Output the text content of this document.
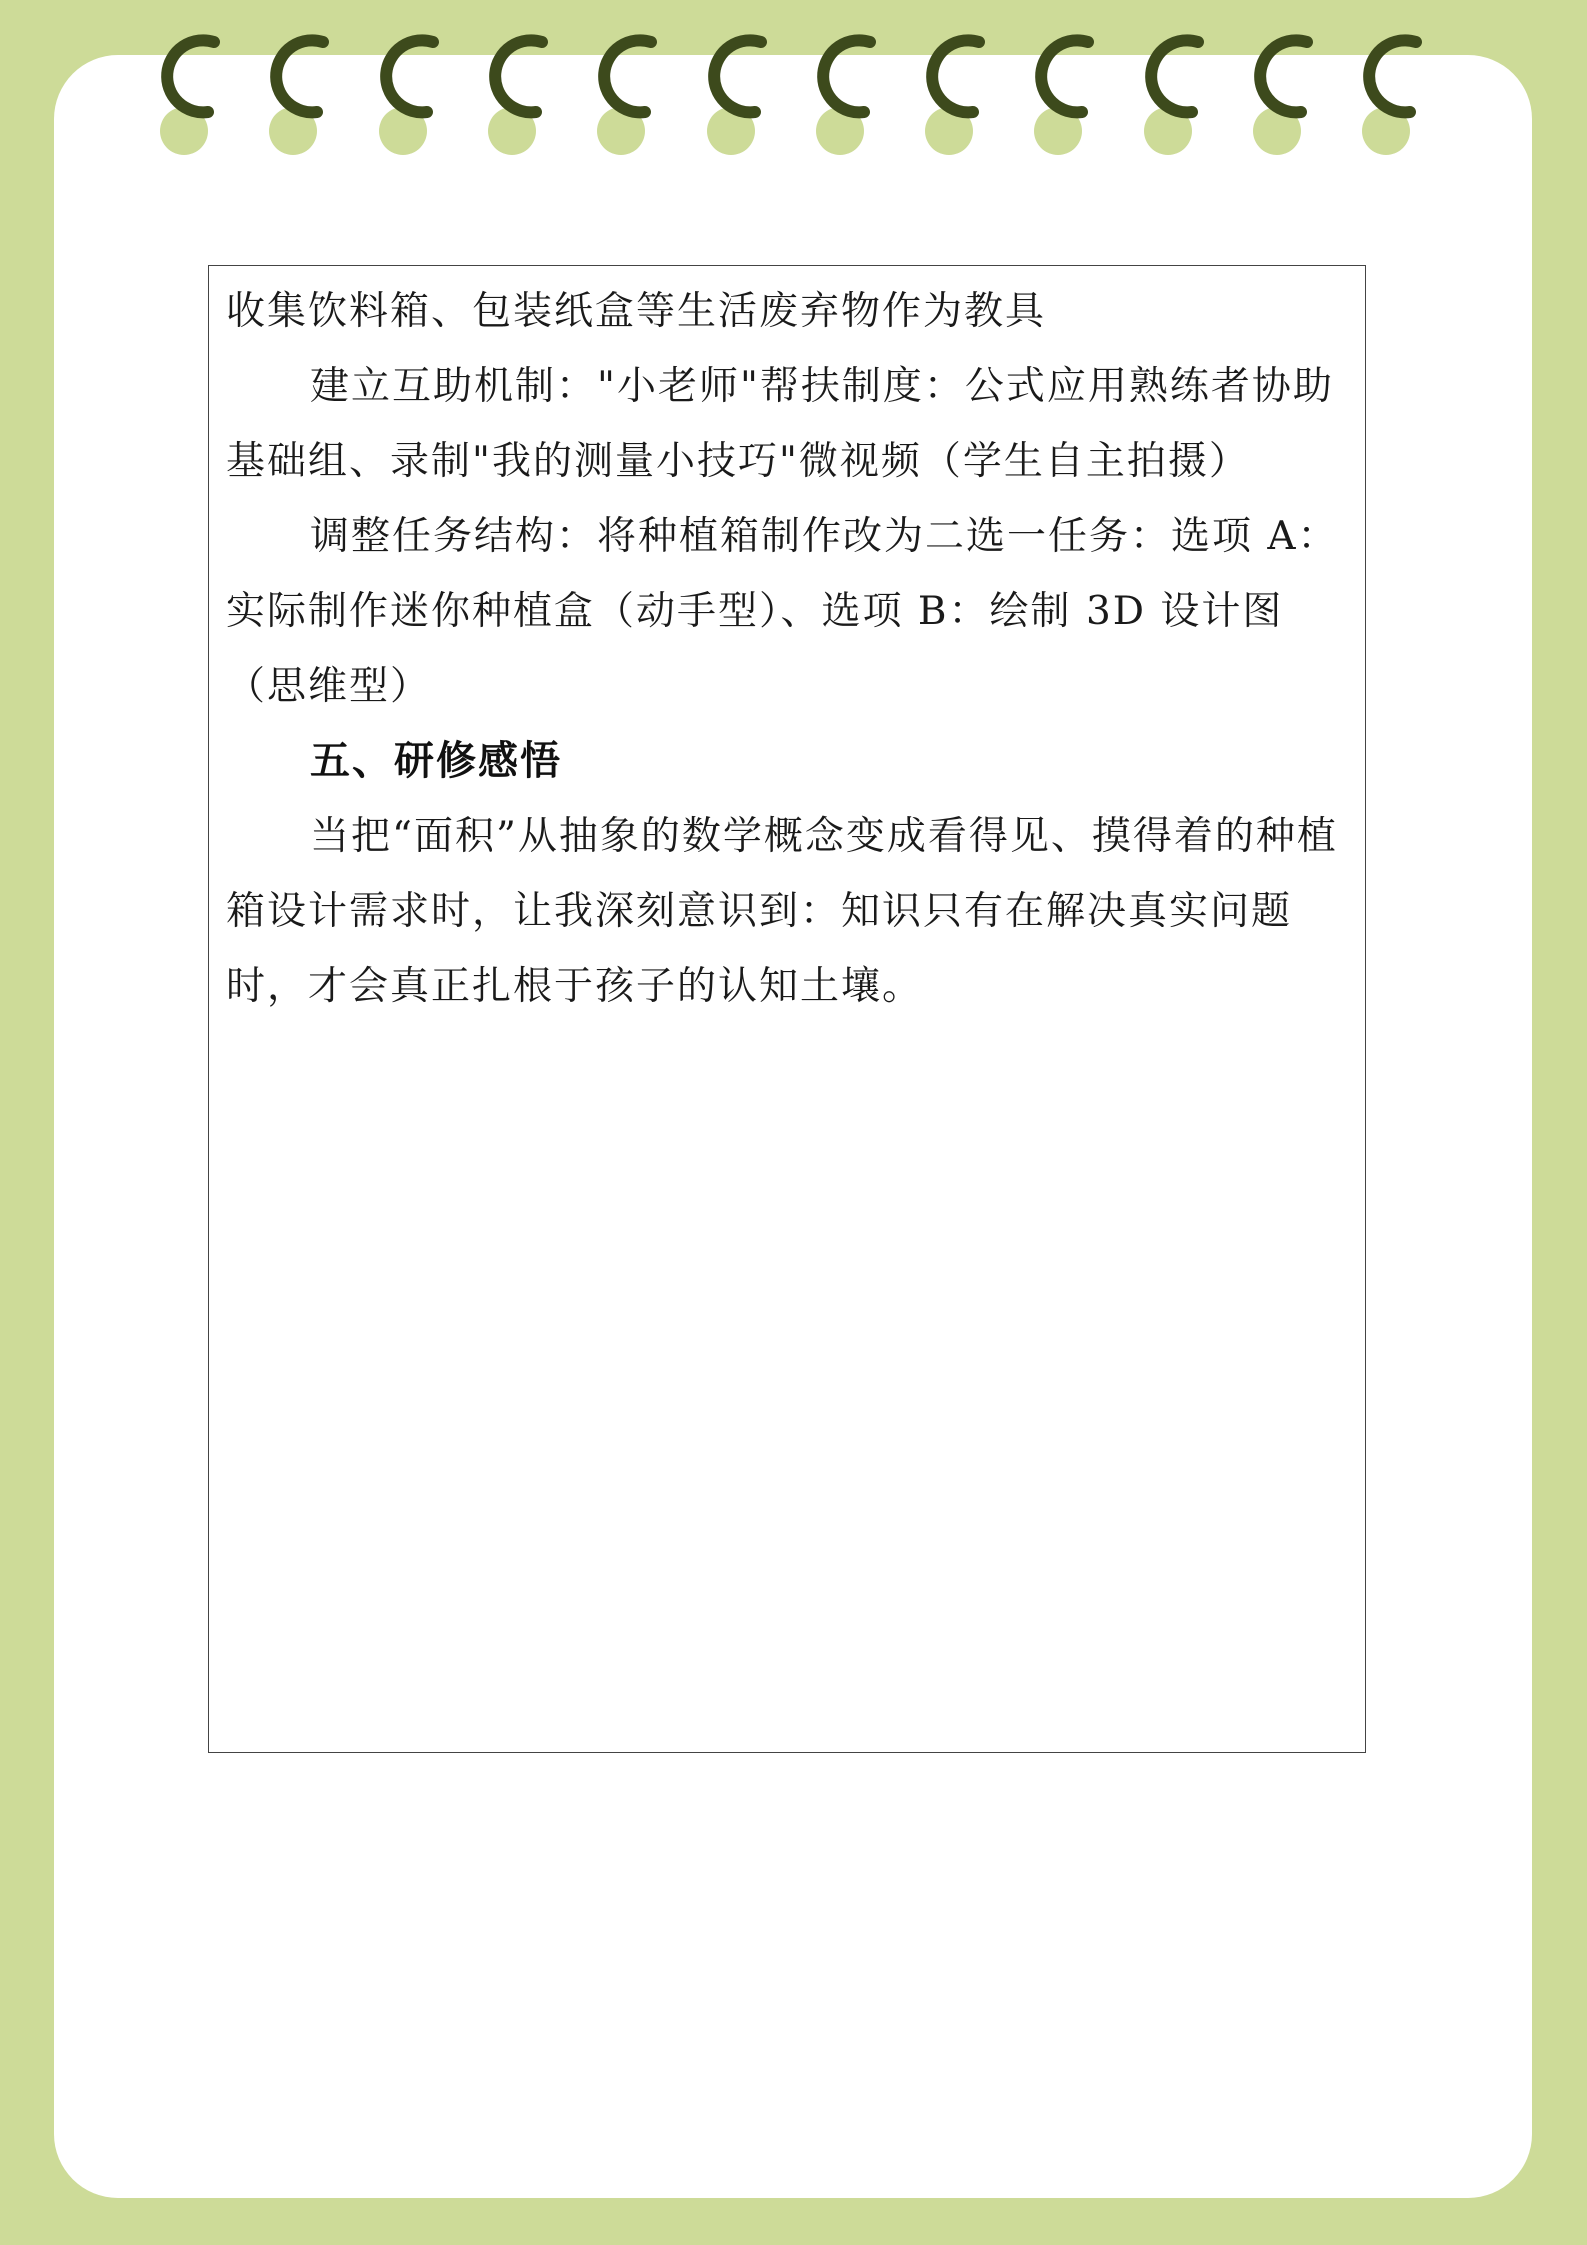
收集饮料箱、包装纸盒等生活废弃物作为教具

建立互助机制："小老师"帮扶制度：公式应用熟练者协助基础组、录制"我的测量小技巧"微视频（学生自主拍摄）

调整任务结构：将种植箱制作改为二选一任务：选项 A：实际制作迷你种植盒（动手型）、选项 B：绘制 3D 设计图（思维型）

五、研修感悟

当把“面积”从抽象的数学概念变成看得见、摸得着的种植箱设计需求时，让我深刻意识到：知识只有在解决真实问题时，才会真正扎根于孩子的认知土壤。
